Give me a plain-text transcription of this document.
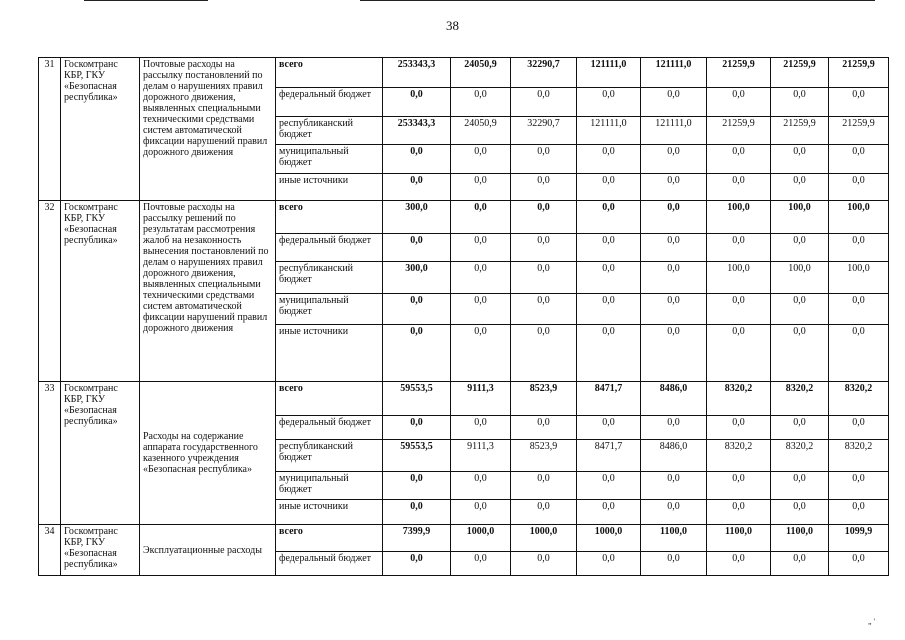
38
31	Госкомтранс КБР, ГКУ «Безопасная республика»	Почтовые расходы на рассылку постановлений по делам о нарушениях правил дорожного движения, выявленных специальными техническими средствами систем автоматической фиксации нарушений правил дорожного движения	всего	253343,3	24050,9	32290,7	121111,0	121111,0	21259,9	21259,9	21259,9
			федеральный бюджет	0,0	0,0	0,0	0,0	0,0	0,0	0,0	0,0
			республиканский бюджет	253343,3	24050,9	32290,7	121111,0	121111,0	21259,9	21259,9	21259,9
			муниципальный бюджет	0,0	0,0	0,0	0,0	0,0	0,0	0,0	0,0
			иные источники	0,0	0,0	0,0	0,0	0,0	0,0	0,0	0,0
32	Госкомтранс КБР, ГКУ «Безопасная республика»	Почтовые расходы на рассылку решений по результатам рассмотрения жалоб на незаконность вынесения постановлений по делам о нарушениях правил дорожного движения, выявленных специальными техническими средствами систем автоматической фиксации нарушений правил дорожного движения	всего	300,0	0,0	0,0	0,0	0,0	100,0	100,0	100,0
			федеральный бюджет	0,0	0,0	0,0	0,0	0,0	0,0	0,0	0,0
			республиканский бюджет	300,0	0,0	0,0	0,0	0,0	100,0	100,0	100,0
			муниципальный бюджет	0,0	0,0	0,0	0,0	0,0	0,0	0,0	0,0
			иные источники	0,0	0,0	0,0	0,0	0,0	0,0	0,0	0,0
33	Госкомтранс КБР, ГКУ «Безопасная республика»	Расходы на содержание аппарата государственного казенного учреждения «Безопасная республика»	всего	59553,5	9111,3	8523,9	8471,7	8486,0	8320,2	8320,2	8320,2
			федеральный бюджет	0,0	0,0	0,0	0,0	0,0	0,0	0,0	0,0
			республиканский бюджет	59553,5	9111,3	8523,9	8471,7	8486,0	8320,2	8320,2	8320,2
			муниципальный бюджет	0,0	0,0	0,0	0,0	0,0	0,0	0,0	0,0
			иные источники	0,0	0,0	0,0	0,0	0,0	0,0	0,0	0,0
34	Госкомтранс КБР, ГКУ «Безопасная республика»	Эксплуатационные расходы	всего	7399,9	1000,0	1000,0	1000,0	1100,0	1100,0	1100,0	1099,9
			федеральный бюджет	0,0	0,0	0,0	0,0	0,0	0,0	0,0	0,0
„ '
